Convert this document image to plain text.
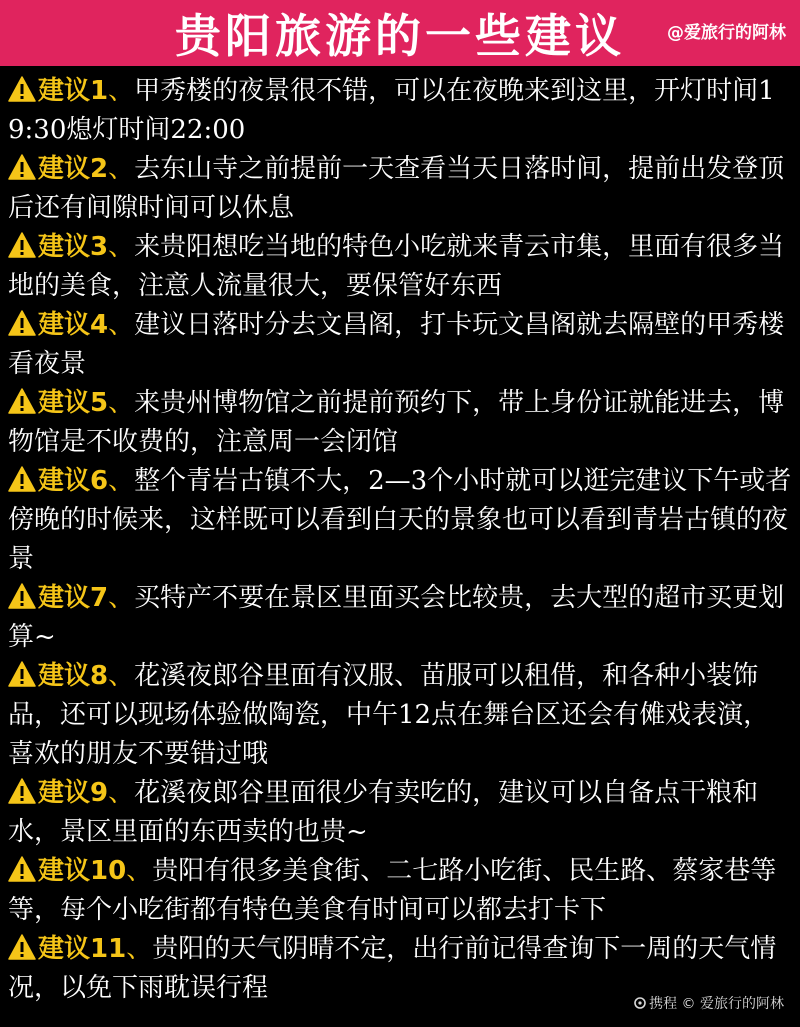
贵阳旅游的一些建议 @爱旅行的阿林
建议1、甲秀楼的夜景很不错，可以在夜晚来到这里，开灯时间19:30熄灯时间22:00
建议2、去东山寺之前提前一天查看当天日落时间，提前出发登顶后还有间隙时间可以休息
建议3、来贵阳想吃当地的特色小吃就来青云市集，里面有很多当地的美食，注意人流量很大，要保管好东西
建议4、建议日落时分去文昌阁，打卡玩文昌阁就去隔壁的甲秀楼看夜景
建议5、来贵州博物馆之前提前预约下，带上身份证就能进去，博物馆是不收费的，注意周一会闭馆
建议6、整个青岩古镇不大，2—3个小时就可以逛完建议下午或者傍晚的时候来，这样既可以看到白天的景象也可以看到青岩古镇的夜景
建议7、买特产不要在景区里面买会比较贵，去大型的超市买更划算~
建议8、花溪夜郎谷里面有汉服、苗服可以租借，和各种小装饰品，还可以现场体验做陶瓷，中午12点在舞台区还会有傩戏表演，喜欢的朋友不要错过哦
建议9、花溪夜郎谷里面很少有卖吃的，建议可以自备点干粮和水，景区里面的东西卖的也贵~
建议10、贵阳有很多美食街、二七路小吃街、民生路、蔡家巷等等，每个小吃街都有特色美食有时间可以都去打卡下
建议11、贵阳的天气阴晴不定，出行前记得查询下一周的天气情况，以免下雨耽误行程
携程 © 爱旅行的阿林
